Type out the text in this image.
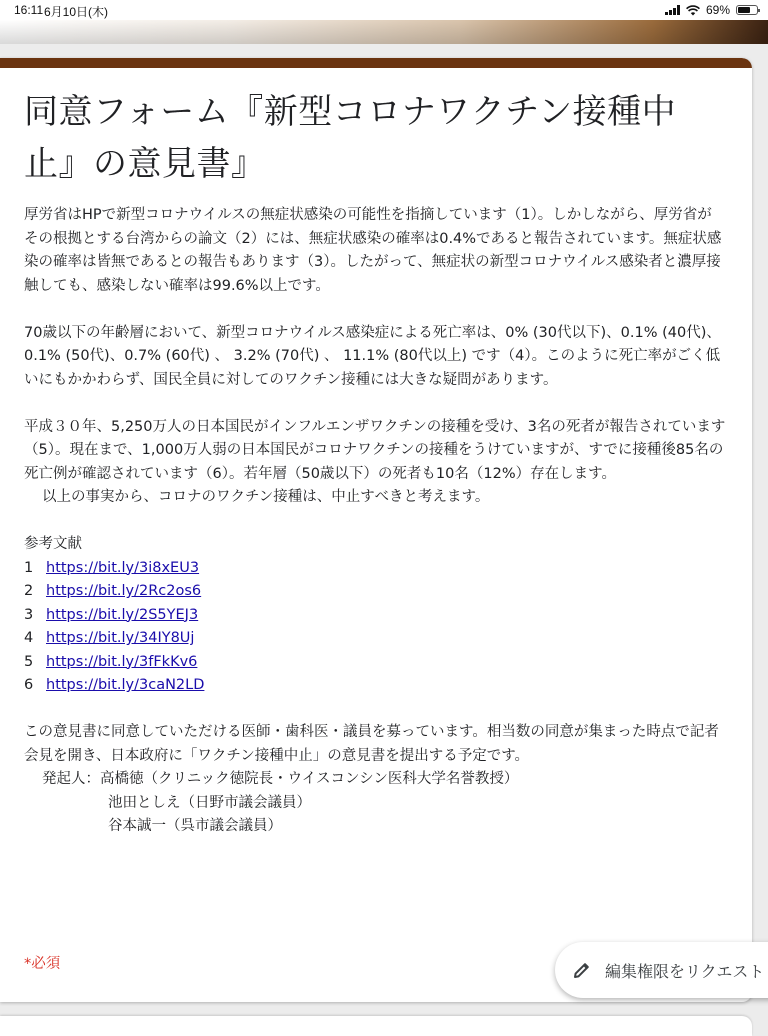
16:11 6月10日(木)	69%
同意フォーム『新型コロナワクチン接種中止』の意見書』

厚労省はHPで新型コロナウイルスの無症状感染の可能性を指摘しています（1）。しかしながら、厚労省がその根拠とする台湾からの論文（2）には、無症状感染の確率は0.4%であると報告されています。無症状感染の確率は皆無であるとの報告もあります（3）。したがって、無症状の新型コロナウイルス感染者と濃厚接触しても、感染しない確率は99.6%以上です。

70歳以下の年齢層において、新型コロナウイルス感染症による死亡率は、0% (30代以下)、0.1% (40代)、0.1% (50代)、0.7% (60代) 、 3.2% (70代) 、 11.1% (80代以上) です（4）。このように死亡率がごく低いにもかかわらず、国民全員に対してのワクチン接種には大きな疑問があります。

平成３０年、5,250万人の日本国民がインフルエンザワクチンの接種を受け、3名の死者が報告されています（5）。現在まで、1,000万人弱の日本国民がコロナワクチンの接種をうけていますが、すでに接種後85名の死亡例が確認されています（6）。若年層（50歳以下）の死者も10名（12%）存在します。

以上の事実から、コロナのワクチン接種は、中止すべきと考えます。

参考文献

1 https://bit.ly/3i8xEU3
2 https://bit.ly/2Rc2os6
3 https://bit.ly/2S5YEJ3
4 https://bit.ly/34IY8Uj
5 https://bit.ly/3fFkKv6
6 https://bit.ly/3caN2LD

この意見書に同意していただける医師・歯科医・議員を募っています。相当数の同意が集まった時点で記者会見を開き、日本政府に「ワクチン接種中止」の意見書を提出する予定です。

発起人：高橋徳（クリニック徳院長・ウイスコンシン医科大学名誉教授）

池田としえ（日野市議会議員）

谷本誠一（呉市議会議員）

*必須	編集権限をリクエスト
